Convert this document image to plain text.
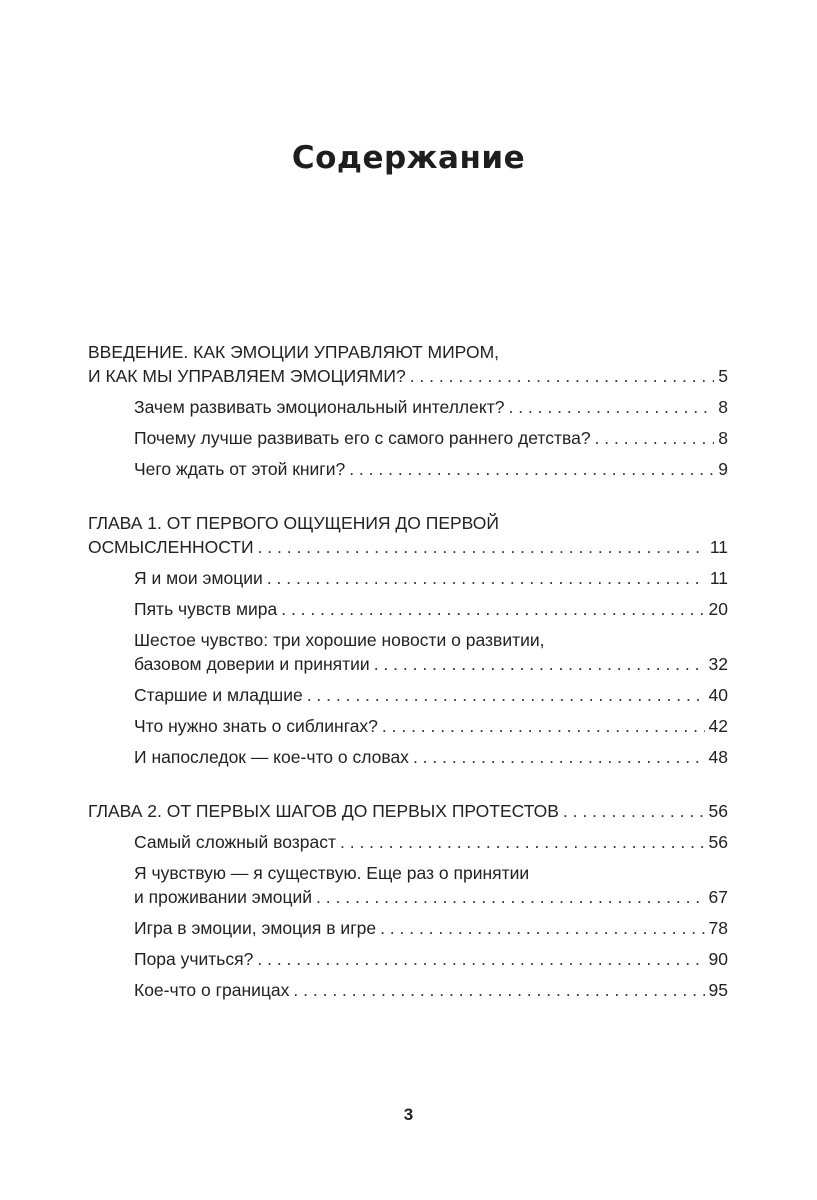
Содержание
ВВЕДЕНИЕ. КАК ЭМОЦИИ УПРАВЛЯЮТ МИРОМ,
И КАК МЫ УПРАВЛЯЕМ ЭМОЦИЯМИ? . . .	5
Зачем развивать эмоциональный интеллект? . . .	8
Почему лучше развивать его с самого раннего детства? . . .	8
Чего ждать от этой книги? . . .	9
ГЛАВА 1. ОТ ПЕРВОГО ОЩУЩЕНИЯ ДО ПЕРВОЙ
ОСМЫСЛЕННОСТИ . . .	11
Я и мои эмоции . . .	11
Пять чувств мира . . .	20
Шестое чувство: три хорошие новости о развитии,
базовом доверии и принятии . . .	32
Старшие и младшие . . .	40
Что нужно знать о сиблингах? . . .	42
И напоследок — кое-что о словах . . .	48
ГЛАВА 2. ОТ ПЕРВЫХ ШАГОВ ДО ПЕРВЫХ ПРОТЕСТОВ . . .	56
Самый сложный возраст . . .	56
Я чувствую — я существую. Еще раз о принятии
и проживании эмоций . . .	67
Игра в эмоции, эмоция в игре . . .	78
Пора учиться? . . .	90
Кое-что о границах . . .	95
3
